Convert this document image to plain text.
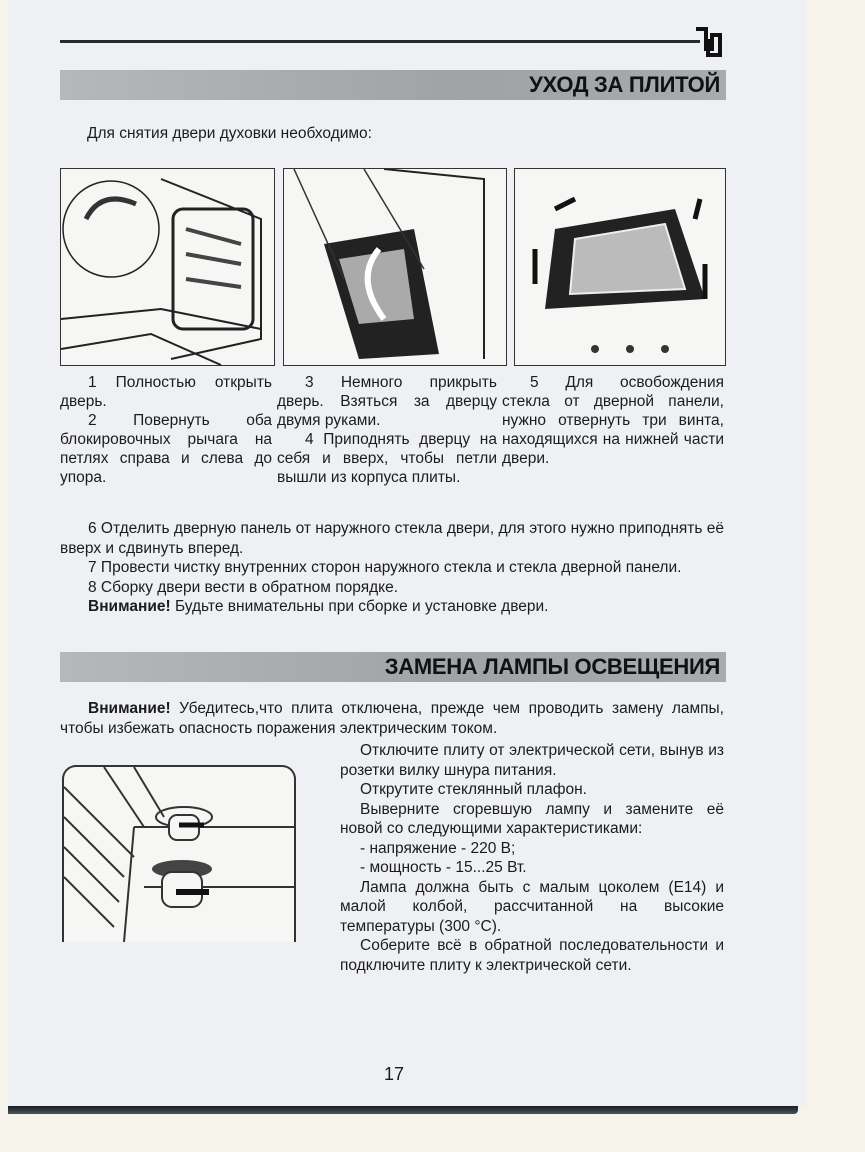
УХОД ЗА ПЛИТОЙ

Для снятия двери духовки необходимо:

1 Полностью открыть дверь.

2 Повернуть оба блокировочных рычага на петлях справа и слева до упора.

3 Немного прикрыть дверь. Взяться за дверцу двумя руками.

4 Приподнять дверцу на себя и вверх, чтобы петли вышли из корпуса плиты.

5 Для освобождения стекла от дверной панели, нужно отвернуть три винта, находящихся на нижней части двери.

6 Отделить дверную панель от наружного стекла двери, для этого нужно приподнять её вверх и сдвинуть вперед.

7 Провести чистку внутренних сторон наружного стекла и стекла дверной панели.

8 Сборку двери вести в обратном порядке.

Внимание! Будьте внимательны при сборке и установке двери.

ЗАМЕНА ЛАМПЫ ОСВЕЩЕНИЯ

Внимание! Убедитесь,что плита отключена, прежде чем проводить замену лампы, чтобы избежать опасность поражения электрическим током.

Отключите плиту от электрической сети, вынув из розетки вилку шнура питания.

Открутите стеклянный плафон.

Выверните сгоревшую лампу и замените её новой со следующими характеристиками:

- напряжение - 220 В;

- мощность - 15...25 Вт.

Лампа должна быть с малым цоколем (Е14) и малой колбой, рассчитанной на высокие температуры (300 °С).

Соберите всё в обратной последовательности и подключите плиту к электрической сети.

17
